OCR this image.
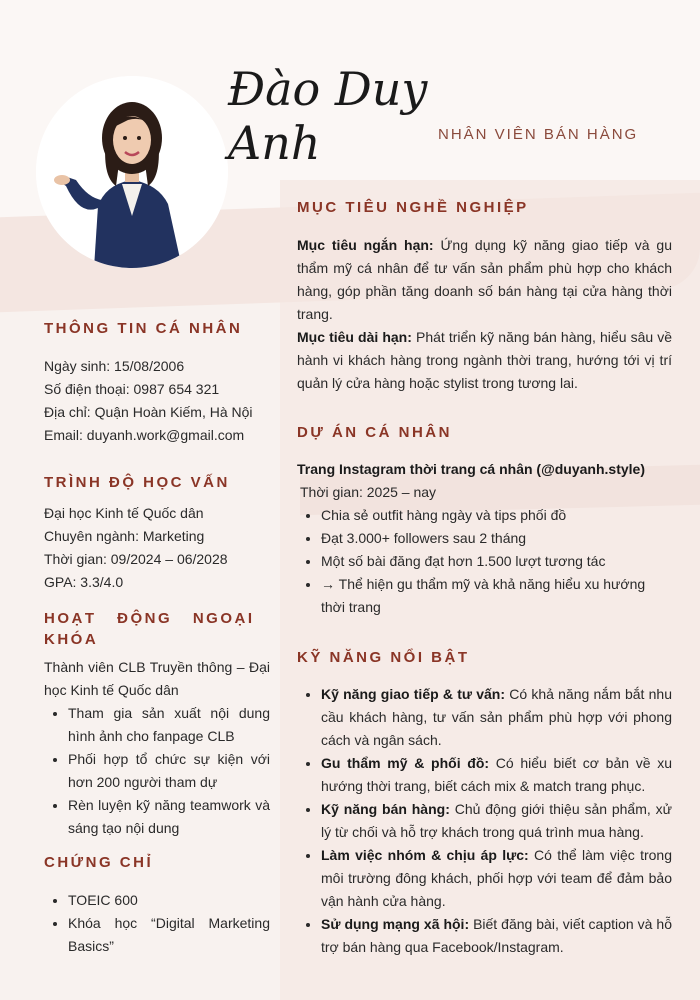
Đào Duy Anh	NHÂN VIÊN BÁN HÀNG
THÔNG TIN CÁ NHÂN
Ngày sinh: 15/08/2006
Số điện thoại: 0987 654 321
Địa chỉ: Quận Hoàn Kiếm, Hà Nội
Email: duyanh.work@gmail.com
TRÌNH ĐỘ HỌC VẤN
Đại học Kinh tế Quốc dân
Chuyên ngành: Marketing
Thời gian: 09/2024 – 06/2028
GPA: 3.3/4.0
HOẠT ĐỘNG NGOẠI KHÓA
Thành viên CLB Truyền thông – Đại học Kinh tế Quốc dân
• Tham gia sản xuất nội dung hình ảnh cho fanpage CLB
• Phối hợp tổ chức sự kiện với hơn 200 người tham dự
• Rèn luyện kỹ năng teamwork và sáng tạo nội dung
CHỨNG CHỈ
• TOEIC 600
• Khóa học “Digital Marketing Basics”
MỤC TIÊU NGHỀ NGHIỆP
Mục tiêu ngắn hạn: Ứng dụng kỹ năng giao tiếp và gu thẩm mỹ cá nhân để tư vấn sản phẩm phù hợp cho khách hàng, góp phần tăng doanh số bán hàng tại cửa hàng thời trang.
Mục tiêu dài hạn: Phát triển kỹ năng bán hàng, hiểu sâu về hành vi khách hàng trong ngành thời trang, hướng tới vị trí quản lý cửa hàng hoặc stylist trong tương lai.
DỰ ÁN CÁ NHÂN
Trang Instagram thời trang cá nhân (@duyanh.style)
Thời gian: 2025 – nay
• Chia sẻ outfit hàng ngày và tips phối đồ
• Đạt 3.000+ followers sau 2 tháng
• Một số bài đăng đạt hơn 1.500 lượt tương tác
• → Thể hiện gu thẩm mỹ và khả năng hiểu xu hướng thời trang
KỸ NĂNG NỔI BẬT
• Kỹ năng giao tiếp & tư vấn: Có khả năng nắm bắt nhu cầu khách hàng, tư vấn sản phẩm phù hợp với phong cách và ngân sách.
• Gu thẩm mỹ & phối đồ: Có hiểu biết cơ bản về xu hướng thời trang, biết cách mix & match trang phục.
• Kỹ năng bán hàng: Chủ động giới thiệu sản phẩm, xử lý từ chối và hỗ trợ khách trong quá trình mua hàng.
• Làm việc nhóm & chịu áp lực: Có thể làm việc trong môi trường đông khách, phối hợp với team để đảm bảo vận hành cửa hàng.
• Sử dụng mạng xã hội: Biết đăng bài, viết caption và hỗ trợ bán hàng qua Facebook/Instagram.
